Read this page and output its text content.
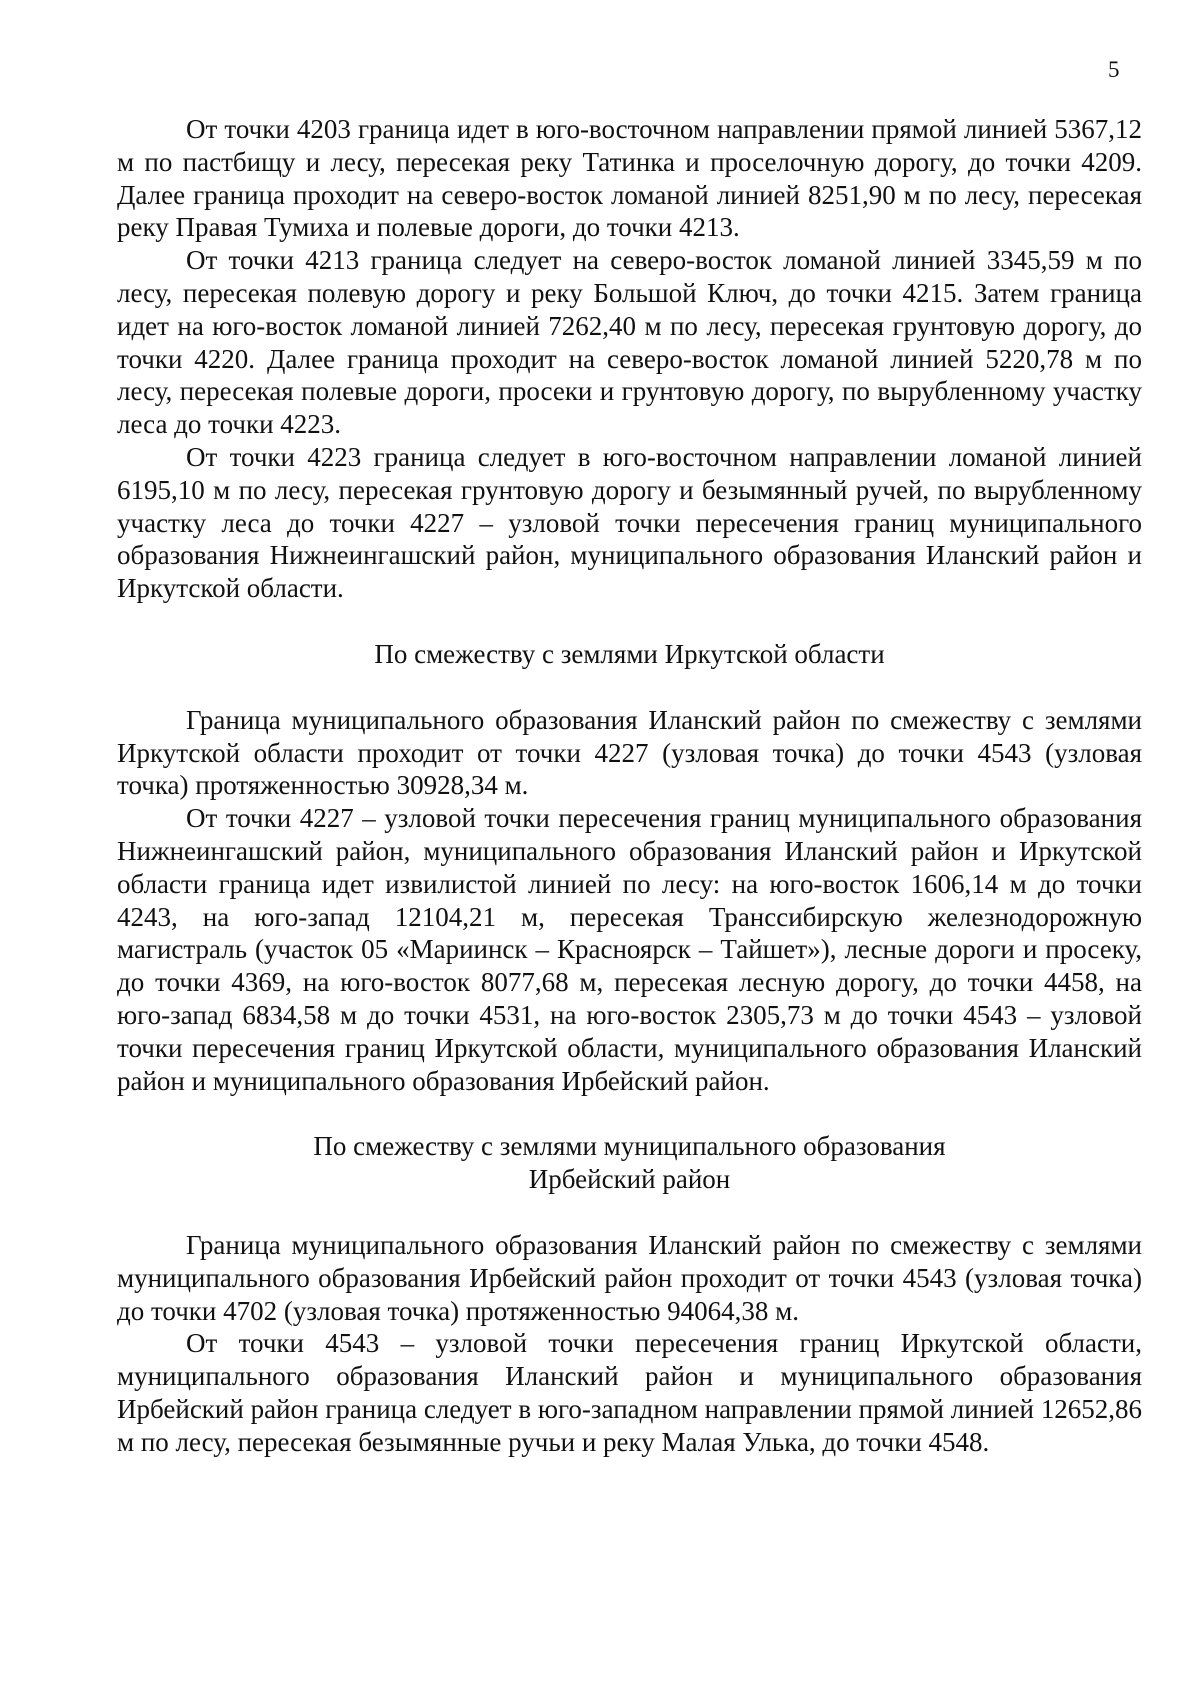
5

От точки 4203 граница идет в юго-восточном направлении прямой линией 5367,12 м по пастбищу и лесу, пересекая реку Татинка и проселочную дорогу, до точки 4209. Далее граница проходит на северо-восток ломаной линией 8251,90 м по лесу, пересекая реку Правая Тумиха и полевые дороги, до точки 4213.

От точки 4213 граница следует на северо-восток ломаной линией 3345,59 м по лесу, пересекая полевую дорогу и реку Большой Ключ, до точки 4215. Затем граница идет на юго-восток ломаной линией 7262,40 м по лесу, пересекая грунтовую дорогу, до точки 4220. Далее граница проходит на северо-восток ломаной линией 5220,78 м по лесу, пересекая полевые дороги, просеки и грунтовую дорогу, по вырубленному участку леса до точки 4223.

От точки 4223 граница следует в юго-восточном направлении ломаной линией 6195,10 м по лесу, пересекая грунтовую дорогу и безымянный ручей, по вырубленному участку леса до точки 4227 – узловой точки пересечения границ муниципального образования Нижнеингашский район, муниципального образования Иланский район и Иркутской области.

По смежеству с землями Иркутской области

Граница муниципального образования Иланский район по смежеству с землями Иркутской области проходит от точки 4227 (узловая точка) до точки 4543 (узловая точка) протяженностью 30928,34 м.

От точки 4227 – узловой точки пересечения границ муниципального образования Нижнеингашский район, муниципального образования Иланский район и Иркутской области граница идет извилистой линией по лесу: на юго-восток 1606,14 м до точки 4243, на юго-запад 12104,21 м, пересекая Транссибирскую железнодорожную магистраль (участок 05 «Мариинск – Красноярск – Тайшет»), лесные дороги и просеку, до точки 4369, на юго-восток 8077,68 м, пересекая лесную дорогу, до точки 4458, на юго-запад 6834,58 м до точки 4531, на юго-восток 2305,73 м до точки 4543 – узловой точки пересечения границ Иркутской области, муниципального образования Иланский район и муниципального образования Ирбейский район.

По смежеству с землями муниципального образования
Ирбейский район

Граница муниципального образования Иланский район по смежеству с землями муниципального образования Ирбейский район проходит от точки 4543 (узловая точка) до точки 4702 (узловая точка) протяженностью 94064,38 м.

От точки 4543 – узловой точки пересечения границ Иркутской области, муниципального образования Иланский район и муниципального образования Ирбейский район граница следует в юго-западном направлении прямой линией 12652,86 м по лесу, пересекая безымянные ручьи и реку Малая Улька, до точки 4548.
